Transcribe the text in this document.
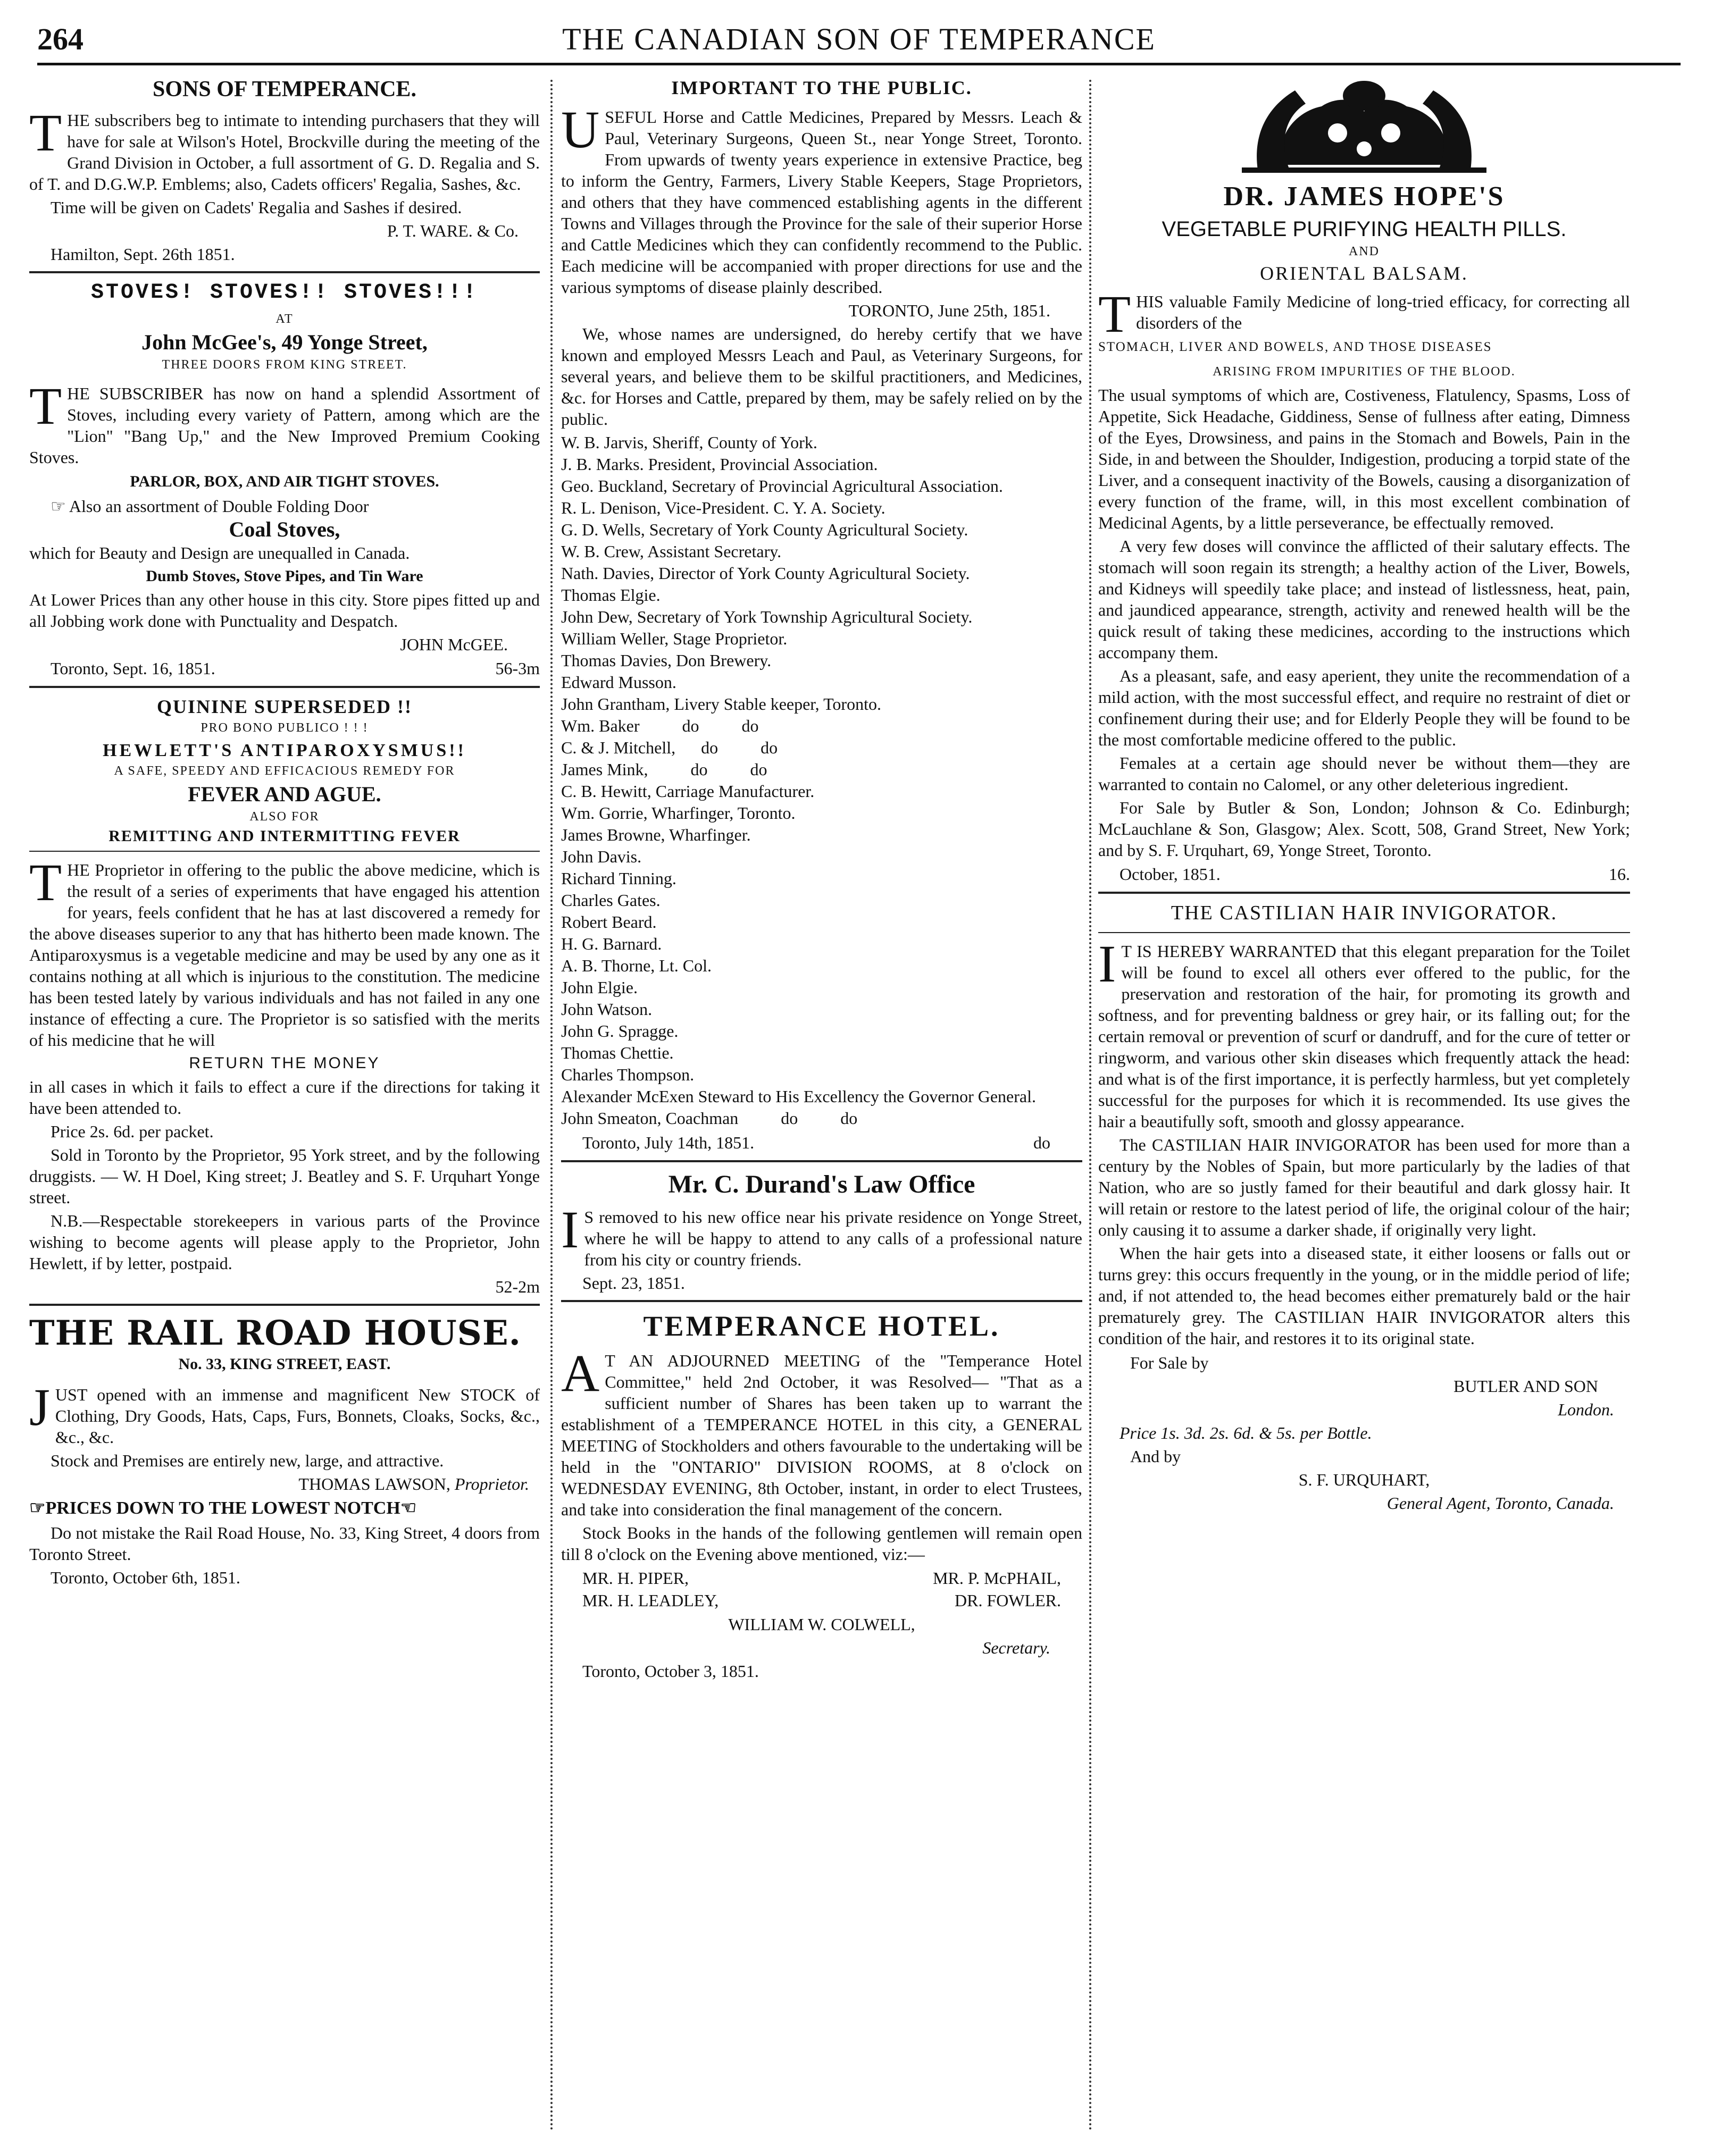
264	THE CANADIAN SON OF TEMPERANCE
SONS OF TEMPERANCE.

THE subscribers beg to intimate to intending purchasers that they will have for sale at Wilson's Hotel, Brockville during the meeting of the Grand Division in October, a full assortment of G. D. Regalia and S. of T. and D.G.W.P. Emblems; also, Cadets officers' Regalia, Sashes, &c.

Time will be given on Cadets' Regalia and Sashes if desired.

P. T. WARE. & Co.

Hamilton, Sept. 26th 1851.

STOVES! STOVES!! STOVES!!!
AT
John McGee's, 49 Yonge Street,
THREE DOORS FROM KING STREET.

THE SUBSCRIBER has now on hand a splendid Assortment of Stoves, including every variety of Pattern, among which are the "Lion" "Bang Up," and the New Improved Premium Cooking Stoves.

PARLOR, BOX, AND AIR TIGHT STOVES.

☞ Also an assortment of Double Folding Door

Coal Stoves,

which for Beauty and Design are unequalled in Canada.

Dumb Stoves, Stove Pipes, and Tin Ware

At Lower Prices than any other house in this city. Store pipes fitted up and all Jobbing work done with Punctuality and Despatch.

JOHN McGEE.

Toronto, Sept. 16, 1851.	56-3m
QUININE SUPERSEDED !!
PRO BONO PUBLICO ! ! !
HEWLETT'S ANTIPAROXYSMUS!!
A SAFE, SPEEDY AND EFFICACIOUS REMEDY FOR
FEVER AND AGUE.
ALSO FOR
REMITTING AND INTERMITTING FEVER

THE Proprietor in offering to the public the above medicine, which is the result of a series of experiments that have engaged his attention for years, feels confident that he has at last discovered a remedy for the above diseases superior to any that has hitherto been made known. The Antiparoxysmus is a vegetable medicine and may be used by any one as it contains nothing at all which is injurious to the constitution. The medicine has been tested lately by various individuals and has not failed in any one instance of effecting a cure. The Proprietor is so satisfied with the merits of his medicine that he will

RETURN THE MONEY

in all cases in which it fails to effect a cure if the directions for taking it have been attended to.

Price 2s. 6d. per packet.

Sold in Toronto by the Proprietor, 95 York street, and by the following druggists. — W. H Doel, King street; J. Beatley and S. F. Urquhart Yonge street.

N.B.—Respectable storekeepers in various parts of the Province wishing to become agents will please apply to the Proprietor, John Hewlett, if by letter, postpaid.

52-2m

THE RAIL ROAD HOUSE.
No. 33, KING STREET, EAST.

JUST opened with an immense and magnificent New STOCK of Clothing, Dry Goods, Hats, Caps, Furs, Bonnets, Cloaks, Socks, &c., &c., &c.

Stock and Premises are entirely new, large, and attractive.

THOMAS LAWSON, Proprietor.

☞PRICES DOWN TO THE LOWEST NOTCH☜

Do not mistake the Rail Road House, No. 33, King Street, 4 doors from Toronto Street.

Toronto, October 6th, 1851.

IMPORTANT TO THE PUBLIC.

USEFUL Horse and Cattle Medicines, Prepared by Messrs. Leach & Paul, Veterinary Surgeons, Queen St., near Yonge Street, Toronto. From upwards of twenty years experience in extensive Practice, beg to inform the Gentry, Farmers, Livery Stable Keepers, Stage Proprietors, and others that they have commenced establishing agents in the different Towns and Villages through the Province for the sale of their superior Horse and Cattle Medicines which they can confidently recommend to the Public. Each medicine will be accompanied with proper directions for use and the various symptoms of disease plainly described.

TORONTO, June 25th, 1851.

We, whose names are undersigned, do hereby certify that we have known and employed Messrs Leach and Paul, as Veterinary Surgeons, for several years, and believe them to be skilful practitioners, and Medicines, &c. for Horses and Cattle, prepared by them, may be safely relied on by the public.

W. B. Jarvis, Sheriff, County of York.

J. B. Marks. President, Provincial Association.

Geo. Buckland, Secretary of Provincial Agricultural Association.

R. L. Denison, Vice-President. C. Y. A. Society.

G. D. Wells, Secretary of York County Agricultural Society.

W. B. Crew, Assistant Secretary.

Nath. Davies, Director of York County Agricultural Society.

Thomas Elgie.

John Dew, Secretary of York Township Agricultural Society.

William Weller, Stage Proprietor.

Thomas Davies, Don Brewery.

Edward Musson.

John Grantham, Livery Stable keeper, Toronto.

Wm. Baker          do          do

C. & J. Mitchell,      do          do

James Mink,          do          do

C. B. Hewitt, Carriage Manufacturer.

Wm. Gorrie, Wharfinger, Toronto.

James Browne, Wharfinger.

John Davis.

Richard Tinning.

Charles Gates.

Robert Beard.

H. G. Barnard.

A. B. Thorne, Lt. Col.

John Elgie.

John Watson.

John G. Spragge.

Thomas Chettie.

Charles Thompson.

Alexander McExen Steward to His Excellency the Governor General.

John Smeaton, Coachman          do          do

Toronto, July 14th, 1851.	do
Mr. C. Durand's Law Office

I S removed to his new office near his private residence on Yonge Street, where he will be happy to attend to any calls of a professional nature from his city or country friends.

Sept. 23, 1851.

TEMPERANCE HOTEL.

A T AN ADJOURNED MEETING of the "Temperance Hotel Committee," held 2nd October, it was Resolved— "That as a sufficient number of Shares has been taken up to warrant the establishment of a TEMPERANCE HOTEL in this city, a GENERAL MEETING of Stockholders and others favourable to the undertaking will be held in the "ONTARIO" DIVISION ROOMS, at 8 o'clock on WEDNESDAY EVENING, 8th October, instant, in order to elect Trustees, and take into consideration the final management of the concern.

Stock Books in the hands of the following gentlemen will remain open till 8 o'clock on the Evening above mentioned, viz:—

MR. H. PIPER,	MR. P. McPHAIL,
MR. H. LEADLEY,	DR. FOWLER.

WILLIAM W. COLWELL,

Secretary.

Toronto, October 3, 1851.

DR. JAMES HOPE'S
VEGETABLE PURIFYING HEALTH PILLS.
AND
ORIENTAL BALSAM.

THIS valuable Family Medicine of long-tried efficacy, for correcting all disorders of the

STOMACH, LIVER AND BOWELS, AND THOSE DISEASES

ARISING FROM IMPURITIES OF THE BLOOD.

The usual symptoms of which are, Costiveness, Flatulency, Spasms, Loss of Appetite, Sick Headache, Giddiness, Sense of fullness after eating, Dimness of the Eyes, Drowsiness, and pains in the Stomach and Bowels, Pain in the Side, in and between the Shoulder, Indigestion, producing a torpid state of the Liver, and a consequent inactivity of the Bowels, causing a disorganization of every function of the frame, will, in this most excellent combination of Medicinal Agents, by a little perseverance, be effectually removed.

A very few doses will convince the afflicted of their salutary effects. The stomach will soon regain its strength; a healthy action of the Liver, Bowels, and Kidneys will speedily take place; and instead of listlessness, heat, pain, and jaundiced appearance, strength, activity and renewed health will be the quick result of taking these medicines, according to the instructions which accompany them.

As a pleasant, safe, and easy aperient, they unite the recommendation of a mild action, with the most successful effect, and require no restraint of diet or confinement during their use; and for Elderly People they will be found to be the most comfortable medicine offered to the public.

Females at a certain age should never be without them—they are warranted to contain no Calomel, or any other deleterious ingredient.

For Sale by Butler & Son, London; Johnson & Co. Edinburgh; McLauchlane & Son, Glasgow; Alex. Scott, 508, Grand Street, New York; and by S. F. Urquhart, 69, Yonge Street, Toronto.

October, 1851.	16.
THE CASTILIAN HAIR INVIGORATOR.

I T IS HEREBY WARRANTED that this elegant preparation for the Toilet will be found to excel all others ever offered to the public, for the preservation and restoration of the hair, for promoting its growth and softness, and for preventing baldness or grey hair, or its falling out; for the certain removal or prevention of scurf or dandruff, and for the cure of tetter or ringworm, and various other skin diseases which frequently attack the head: and what is of the first importance, it is perfectly harmless, but yet completely successful for the purposes for which it is recommended. Its use gives the hair a beautifully soft, smooth and glossy appearance.

The CASTILIAN HAIR INVIGORATOR has been used for more than a century by the Nobles of Spain, but more particularly by the ladies of that Nation, who are so justly famed for their beautiful and dark glossy hair. It will retain or restore to the latest period of life, the original colour of the hair; only causing it to assume a darker shade, if originally very light.

When the hair gets into a diseased state, it either loosens or falls out or turns grey: this occurs frequently in the young, or in the middle period of life; and, if not attended to, the head becomes either prematurely bald or the hair prematurely grey. The CASTILIAN HAIR INVIGORATOR alters this condition of the hair, and restores it to its original state.

For Sale by

BUTLER AND SON

London.

Price 1s. 3d. 2s. 6d. & 5s. per Bottle.

And by

S. F. URQUHART,

General Agent, Toronto, Canada.
